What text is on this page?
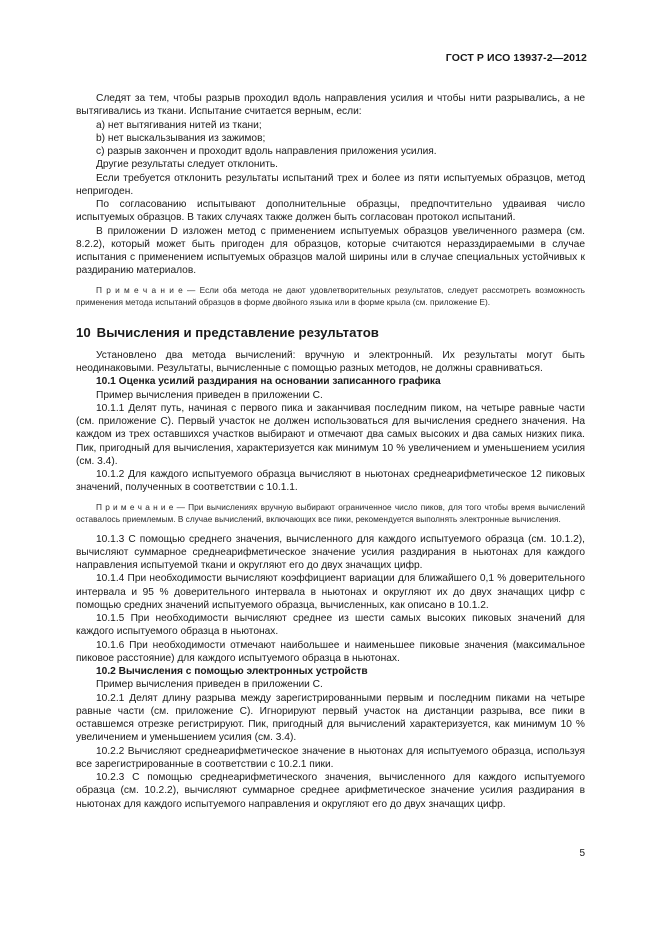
ГОСТ Р ИСО 13937-2—2012

Следят за тем, чтобы разрыв проходил вдоль направления усилия и чтобы нити разрывались, а не вытягивались из ткани. Испытание считается верным, если:

a) нет вытягивания нитей из ткани;

b) нет выскальзывания из зажимов;

c) разрыв закончен и проходит вдоль направления приложения усилия.

Другие результаты следует отклонить.

Если требуется отклонить результаты испытаний трех и более из пяти испытуемых образцов, метод непригоден.

По согласованию испытывают дополнительные образцы, предпочтительно удваивая число испытуемых образцов. В таких случаях также должен быть согласован протокол испытаний.

В приложении D изложен метод с применением испытуемых образцов увеличенного размера (см. 8.2.2), который может быть пригоден для образцов, которые считаются неразздираемыми в случае испытания с применением испытуемых образцов малой ширины или в случае специальных устойчивых к раздиранию материалов.

П р и м е ч а н и е — Если оба метода не дают удовлетворительных результатов, следует рассмотреть возможность применения метода испытаний образцов в форме двойного языка или в форме крыла (см. приложение Е).

10 Вычисления и представление результатов

Установлено два метода вычислений: вручную и электронный. Их результаты могут быть неодинаковыми. Результаты, вычисленные с помощью разных методов, не должны сравниваться.

10.1 Оценка усилий раздирания на основании записанного графика

Пример вычисления приведен в приложении С.

10.1.1 Делят путь, начиная с первого пика и заканчивая последним пиком, на четыре равные части (см. приложение С). Первый участок не должен использоваться для вычисления среднего значения. На каждом из трех оставшихся участков выбирают и отмечают два самых высоких и два самых низких пика. Пик, пригодный для вычисления, характеризуется как минимум 10 % увеличением и уменьшением усилия (см. 3.4).

10.1.2 Для каждого испытуемого образца вычисляют в ньютонах среднеарифметическое 12 пиковых значений, полученных в соответствии с 10.1.1.

П р и м е ч а н и е — При вычислениях вручную выбирают ограниченное число пиков, для того чтобы время вычислений оставалось приемлемым. В случае вычислений, включающих все пики, рекомендуется выполнять электронные вычисления.

10.1.3 С помощью среднего значения, вычисленного для каждого испытуемого образца (см. 10.1.2), вычисляют суммарное среднеарифметическое значение усилия раздирания в ньютонах для каждого направления испытуемой ткани и округляют его до двух значащих цифр.

10.1.4 При необходимости вычисляют коэффициент вариации для ближайшего 0,1 % доверительного интервала и 95 % доверительного интервала в ньютонах и округляют их до двух значащих цифр с помощью средних значений испытуемого образца, вычисленных, как описано в 10.1.2.

10.1.5 При необходимости вычисляют среднее из шести самых высоких пиковых значений для каждого испытуемого образца в ньютонах.

10.1.6 При необходимости отмечают наибольшее и наименьшее пиковые значения (максимальное пиковое расстояние) для каждого испытуемого образца в ньютонах.

10.2 Вычисления с помощью электронных устройств

Пример вычисления приведен в приложении С.

10.2.1 Делят длину разрыва между зарегистрированными первым и последним пиками на четыре равные части (см. приложение С). Игнорируют первый участок на дистанции разрыва, все пики в оставшемся отрезке регистрируют. Пик, пригодный для вычислений характеризуется, как минимум 10 % увеличением и уменьшением усилия (см. 3.4).

10.2.2 Вычисляют среднеарифметическое значение в ньютонах для испытуемого образца, используя все зарегистрированные в соответствии с 10.2.1 пики.

10.2.3 С помощью среднеарифметического значения, вычисленного для каждого испытуемого образца (см. 10.2.2), вычисляют суммарное среднее арифметическое значение усилия раздирания в ньютонах для каждого испытуемого направления и округляют его до двух значащих цифр.

5
